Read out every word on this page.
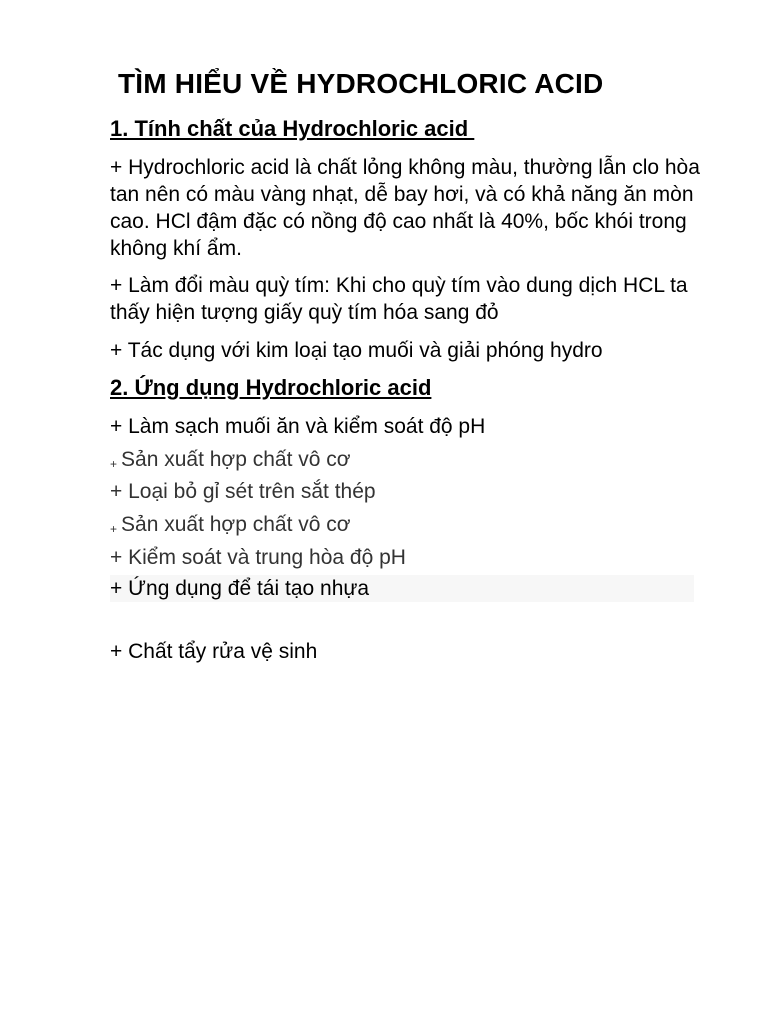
TÌM HIỂU VỀ HYDROCHLORIC ACID
1. Tính chất của Hydrochloric acid

+ Hydrochloric acid là chất lỏng không màu, thường lẫn clo hòa tan nên có màu vàng nhạt, dễ bay hơi, và có khả năng ăn mòn cao. HCl đậm đặc có nồng độ cao nhất là 40%, bốc khói trong không khí ẩm.

+ Làm đổi màu quỳ tím: Khi cho quỳ tím vào dung dịch HCL ta thấy hiện tượng giấy quỳ tím hóa sang đỏ

+ Tác dụng với kim loại tạo muối và giải phóng hydro

2. Ứng dụng Hydrochloric acid
+ Làm sạch muối ăn và kiểm soát độ pH
+ Sản xuất hợp chất vô cơ
+ Loại bỏ gỉ sét trên sắt thép
+ Sản xuất hợp chất vô cơ
+ Kiểm soát và trung hòa độ pH
+ Ứng dụng để tái tạo nhựa
+ Chất tẩy rửa vệ sinh
